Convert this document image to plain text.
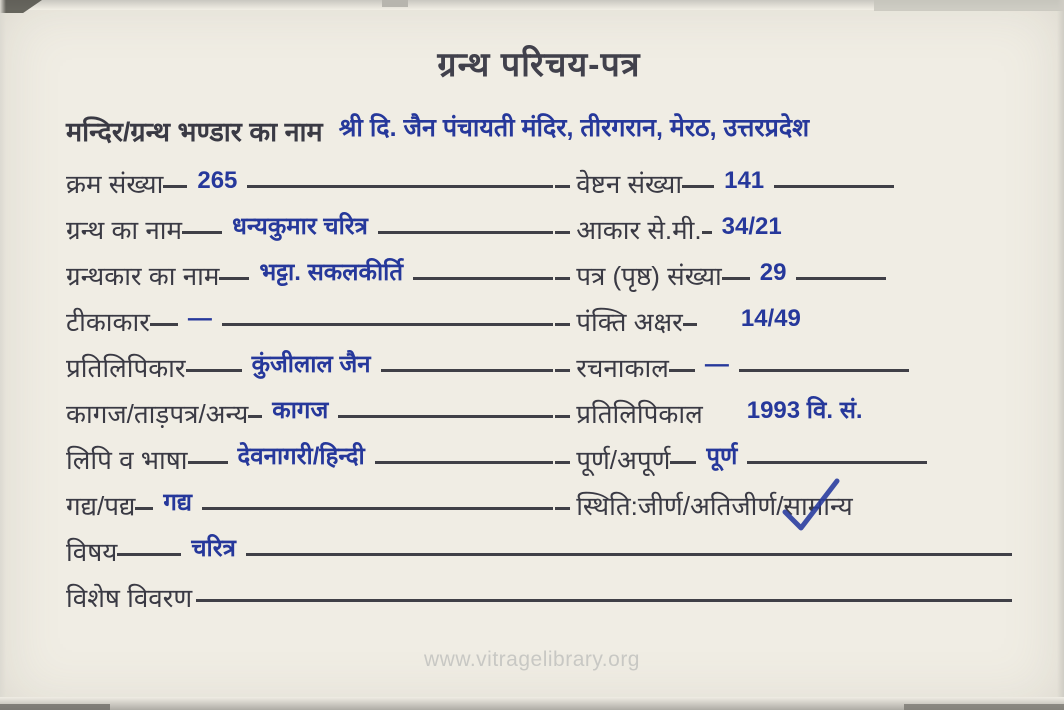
ग्रन्थ परिचय-पत्र
मन्दिर/ग्रन्थ भण्डार का नाम श्री दि. जैन पंचायती मंदिर, तीरगरान, मेरठ, उत्तरप्रदेश
क्रम संख्या 265
ग्रन्थ का नाम धन्यकुमार चरित्र
ग्रन्थकार का नाम भट्टा. सकलकीर्ति
टीकाकार —
प्रतिलिपिकार	कुंजीलाल जैन
कागज/ताड़पत्र/अन्य कागज
लिपि व भाषा देवनागरी/हिन्दी
गद्य/पद्य गद्य
वेष्टन संख्या 141
आकार से.मी. 34/21
पत्र (पृष्ठ) संख्या 29
पंक्ति अक्षर 14/49
रचनाकाल —
प्रतिलिपिकाल 1993 वि. सं.
पूर्ण/अपूर्ण पूर्ण
स्थिति:जीर्ण/अतिजीर्ण/ सामान्य
विषय	चरित्र
विशेष विवरण
www.vitragelibrary.org
